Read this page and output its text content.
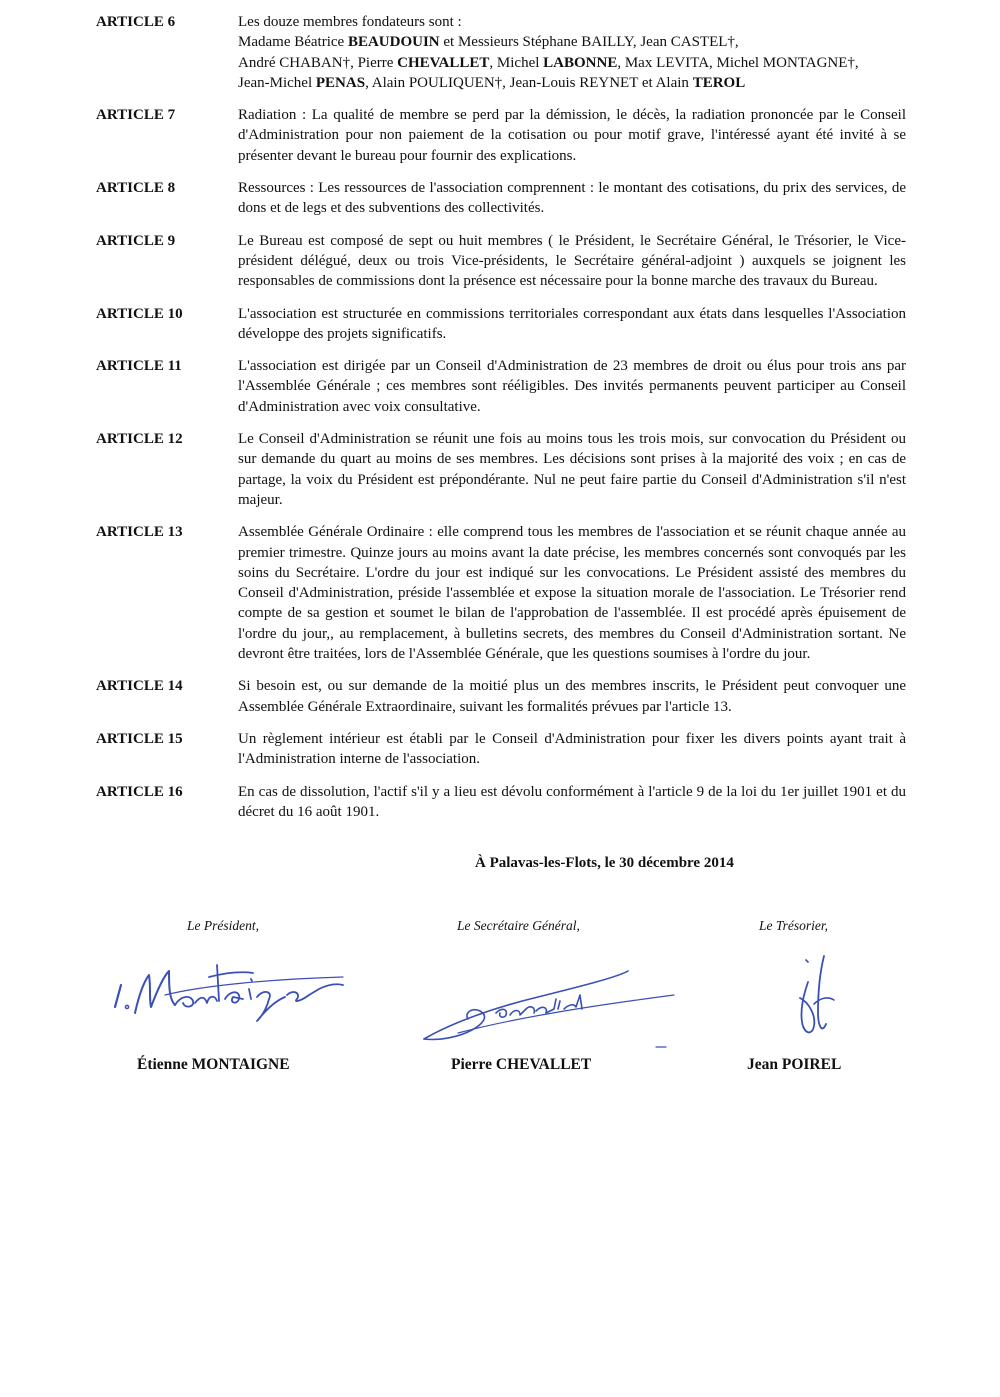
ARTICLE 6	Les douze membres fondateurs sont :
Madame Béatrice BEAUDOUIN et Messieurs Stéphane BAILLY, Jean CASTEL†,
André CHABAN†, Pierre CHEVALLET, Michel LABONNE, Max LEVITA, Michel MONTAGNE†,
Jean-Michel PENAS, Alain POULIQUEN†, Jean-Louis REYNET et Alain TEROL
ARTICLE 7	Radiation : La qualité de membre se perd par la démission, le décès, la radiation prononcée par le Conseil d'Administration pour non paiement de la cotisation ou pour motif grave, l'intéressé ayant été invité à se présenter devant le bureau pour fournir des explications.
ARTICLE 8	Ressources : Les ressources de l'association comprennent : le montant des cotisations, du prix des services, de dons et de legs et des subventions des collectivités.
ARTICLE 9	Le Bureau est composé de sept ou huit membres ( le Président, le Secrétaire Général, le Trésorier, le Vice-président délégué, deux ou trois Vice-présidents, le Secrétaire général-adjoint ) auxquels se joignent les responsables de commissions dont la présence est nécessaire pour la bonne marche des travaux du Bureau.
ARTICLE 10	L'association est structurée en commissions territoriales correspondant aux états dans lesquelles l'Association développe des projets significatifs.
ARTICLE 11	L'association est dirigée par un Conseil d'Administration de 23 membres de droit ou élus pour trois ans par l'Assemblée Générale ; ces membres sont rééligibles. Des invités permanents peuvent participer au Conseil d'Administration avec voix consultative.
ARTICLE 12	Le Conseil d'Administration se réunit une fois au moins tous les trois mois, sur convocation du Président ou sur demande du quart au moins de ses membres. Les décisions sont prises à la majorité des voix ; en cas de partage, la voix du Président est prépondérante. Nul ne peut faire partie du Conseil d'Administration s'il n'est majeur.
ARTICLE 13	Assemblée Générale Ordinaire : elle comprend tous les membres de l'association et se réunit chaque année au premier trimestre. Quinze jours au moins avant la date précise, les membres concernés sont convoqués par les soins du Secrétaire. L'ordre du jour est indiqué sur les convocations. Le Président assisté des membres du Conseil d'Administration, préside l'assemblée et expose la situation morale de l'association. Le Trésorier rend compte de sa gestion et soumet le bilan de l'approbation de l'assemblée. Il est procédé après épuisement de l'ordre du jour,, au remplacement, à bulletins secrets, des membres du Conseil d'Administration sortant. Ne devront être traitées, lors de l'Assemblée Générale, que les questions soumises à l'ordre du jour.
ARTICLE 14	Si besoin est, ou sur demande de la moitié plus un des membres inscrits, le Président peut convoquer une Assemblée Générale Extraordinaire, suivant les formalités prévues par l'article 13.
ARTICLE 15	Un règlement intérieur est établi par le Conseil d'Administration pour fixer les divers points ayant trait à l'Administration interne de l'association.
ARTICLE 16	En cas de dissolution, l'actif s'il y a lieu est dévolu conformément à l'article 9 de la loi du 1er juillet 1901 et du décret du 16 août 1901.
À Palavas-les-Flots, le 30 décembre 2014
Le Président,	Le Secrétaire Général,	Le Trésorier,
Étienne MONTAIGNE	Pierre CHEVALLET	Jean POIREL
